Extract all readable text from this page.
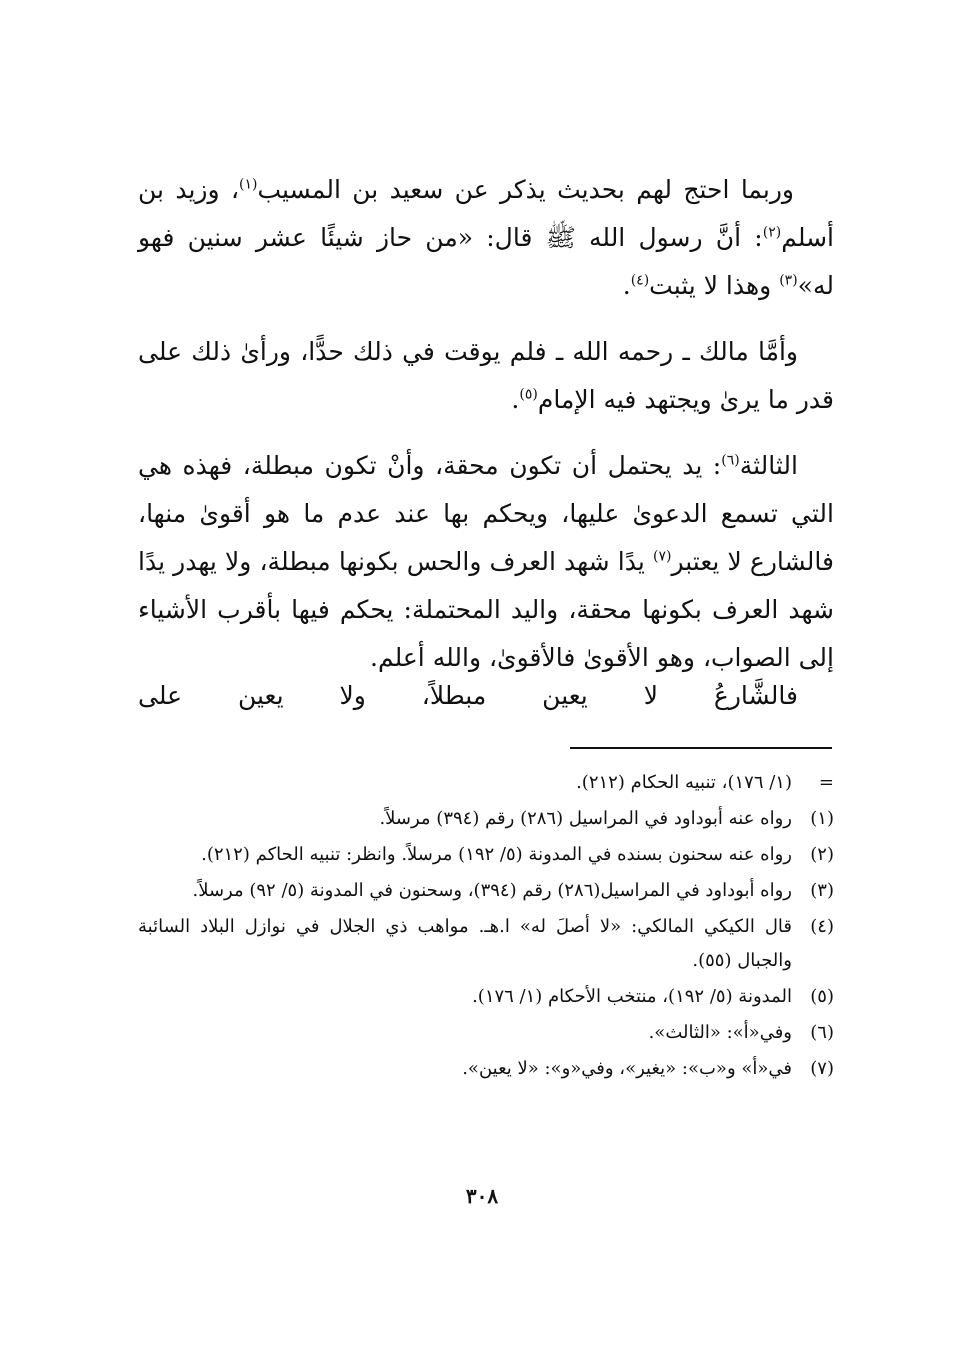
وربما احتج لهم بحديث يذكر عن سعيد بن المسيب$^{(١)}$، وزيد بن أسلم$^{(٢)}$: أنَّ رسول الله ﷺ قال: «من حاز شيئًا عشر سنين فهو له»$^{(٣)}$ وهذا لا يثبت$^{(٤)}$.

وأمَّا مالك ـ رحمه الله ـ فلم يوقت في ذلك حدًّا، ورأىٰ ذلك على قدر ما يرىٰ ويجتهد فيه الإمام$^{(٥)}$.

الثالثة$^{(٦)}$: يد يحتمل أن تكون محقة، وأنْ تكون مبطلة، فهذه هي التي تسمع الدعوىٰ عليها، ويحكم بها عند عدم ما هو أقوىٰ منها، فالشارع لا يعتبر$^{(٧)}$ يدًا شهد العرف والحس بكونها مبطلة، ولا يهدر يدًا شهد العرف بكونها محقة، واليد المحتملة: يحكم فيها بأقرب الأشياء إلى الصواب، وهو الأقوىٰ فالأقوىٰ، والله أعلم.

فالشَّارعُ لا يعين مبطلاً، ولا يعين على
=
(١/ ١٧٦)، تنبيه الحكام (٢١٢).
(١)
رواه عنه أبوداود في المراسيل (٢٨٦) رقم (٣٩٤) مرسلاً.
(٢)
رواه عنه سحنون بسنده في المدونة (٥/ ١٩٢) مرسلاً. وانظر: تنبيه الحاكم (٢١٢).
(٣)
رواه أبوداود في المراسيل(٢٨٦) رقم (٣٩٤)، وسحنون في المدونة (٥/ ٩٢) مرسلاً.
(٤)
قال الكيكي المالكي: «لا أصلَ له» ا.هـ. مواهب ذي الجلال في نوازل البلاد السائبة والجبال (٥٥).
(٥)
المدونة (٥/ ١٩٢)، منتخب الأحكام (١/ ١٧٦).
(٦)
وفي«أ»: «الثالث».
(٧)
في«أ» و«ب»: «يغير»، وفي«و»: «لا يعين».
٣٠٨
